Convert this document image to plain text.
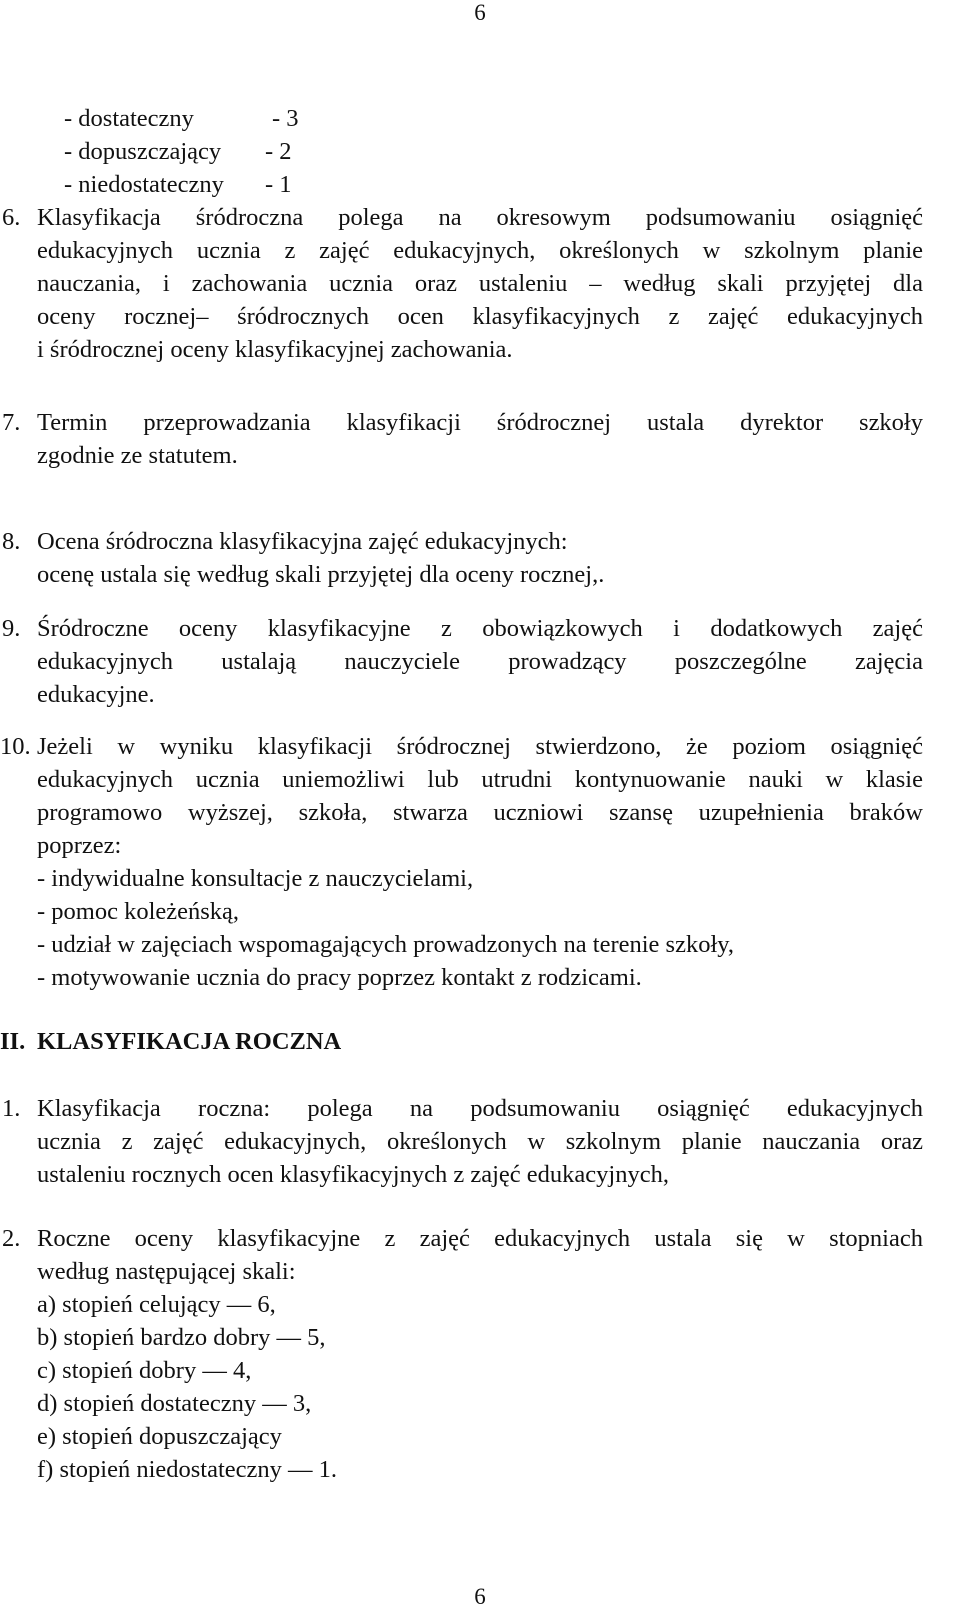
6
- dostateczny	- 3
- dopuszczający - 2
- niedostateczny - 1
6. Klasyfikacja śródroczna polega na okresowym podsumowaniu osiągnięć
edukacyjnych ucznia z zajęć edukacyjnych, określonych w szkolnym planie
nauczania, i zachowania ucznia oraz ustaleniu – według skali przyjętej dla
oceny rocznej– śródrocznych ocen klasyfikacyjnych z zajęć edukacyjnych
i śródrocznej oceny klasyfikacyjnej zachowania.
7. Termin przeprowadzania klasyfikacji śródrocznej ustala dyrektor szkoły
zgodnie ze statutem.
8. Ocena śródroczna klasyfikacyjna zajęć edukacyjnych:
ocenę ustala się według skali przyjętej dla oceny rocznej,.
9. Śródroczne oceny klasyfikacyjne z obowiązkowych i dodatkowych zajęć
edukacyjnych ustalają nauczyciele prowadzący poszczególne zajęcia
edukacyjne.
10. Jeżeli w wyniku klasyfikacji śródrocznej stwierdzono, że poziom osiągnięć
edukacyjnych ucznia uniemożliwi lub utrudni kontynuowanie nauki w klasie
programowo wyższej, szkoła, stwarza uczniowi szansę uzupełnienia braków
poprzez:
- indywidualne konsultacje z nauczycielami,
- pomoc koleżeńską,
- udział w zajęciach wspomagających prowadzonych na terenie szkoły,
- motywowanie ucznia do pracy poprzez kontakt z rodzicami.
II. KLASYFIKACJA ROCZNA
1. Klasyfikacja roczna: polega na podsumowaniu osiągnięć edukacyjnych
ucznia z zajęć edukacyjnych, określonych w szkolnym planie nauczania oraz
ustaleniu rocznych ocen klasyfikacyjnych z zajęć edukacyjnych,
2. Roczne oceny klasyfikacyjne z zajęć edukacyjnych ustala się w stopniach
według następującej skali:
a) stopień celujący — 6,
b) stopień bardzo dobry — 5,
c) stopień dobry — 4,
d) stopień dostateczny — 3,
e) stopień dopuszczający
f) stopień niedostateczny — 1.
6
